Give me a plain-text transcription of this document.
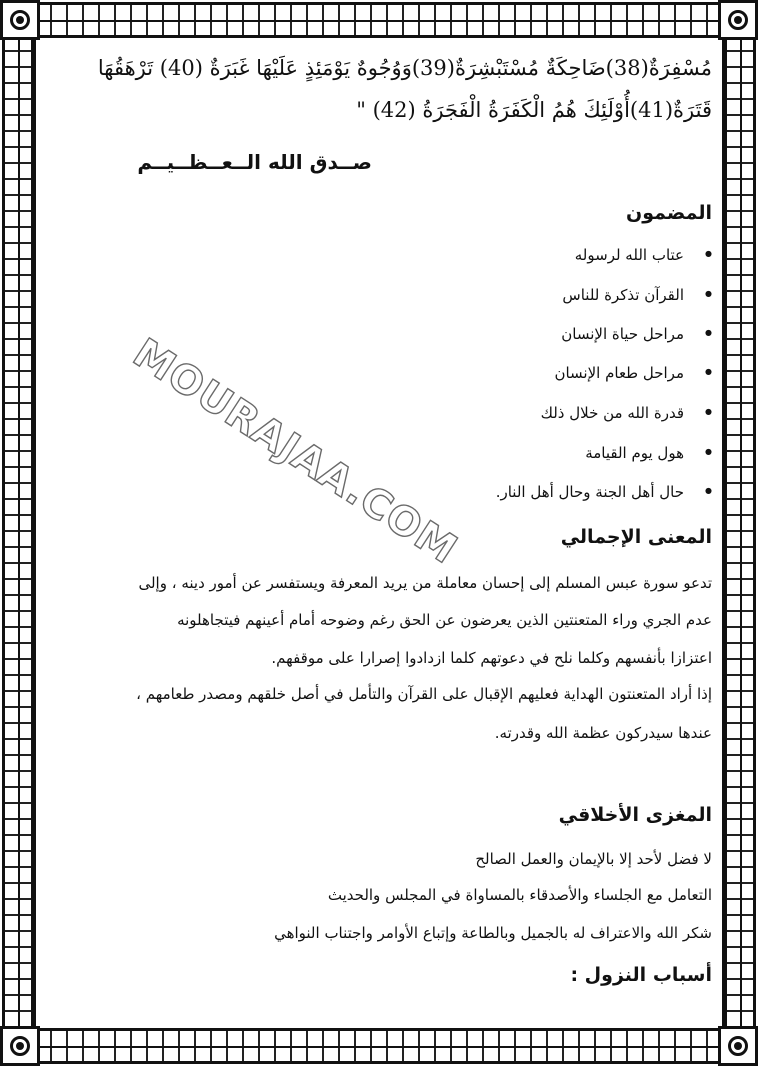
مُسْفِرَةٌ(38)ضَاحِكَةٌ مُسْتَبْشِرَةٌ(39)وَوُجُوهٌ يَوْمَئِذٍ عَلَيْهَا غَبَرَةٌ (40) تَرْهَقُهَا
قَتَرَةٌ(41)أُوْلَئِكَ هُمُ الْكَفَرَةُ الْفَجَرَةُ (42) "
صــدق الله الــعــظــيــم
المضمون
● عتاب الله لرسوله
● القرآن تذكرة للناس
● مراحل حياة الإنسان
● مراحل طعام الإنسان
● قدرة الله من خلال ذلك
● هول يوم القيامة
● حال أهل الجنة وحال أهل النار.
المعنى الإجمالي
تدعو سورة عبس المسلم إلى إحسان معاملة من يريد المعرفة ويستفسر عن أمور دينه ، وإلى
عدم الجري وراء المتعنتين الذين يعرضون عن الحق رغم وضوحه أمام أعينهم فيتجاهلونه
اعتزازا بأنفسهم وكلما نلح في دعوتهم كلما ازدادوا إصرارا على موقفهم.
إذا أراد المتعنتون الهداية فعليهم الإقبال على القرآن والتأمل في أصل خلقهم ومصدر طعامهم ،
عندها سيدركون عظمة الله وقدرته.
المغزى الأخلاقي
لا فضل لأحد إلا بالإيمان والعمل الصالح
التعامل مع الجلساء والأصدقاء بالمساواة في المجلس والحديث
شكر الله والاعتراف له بالجميل وبالطاعة وإتباع الأوامر واجتناب النواهي
أسباب النزول :
MOURAJAA.COM
